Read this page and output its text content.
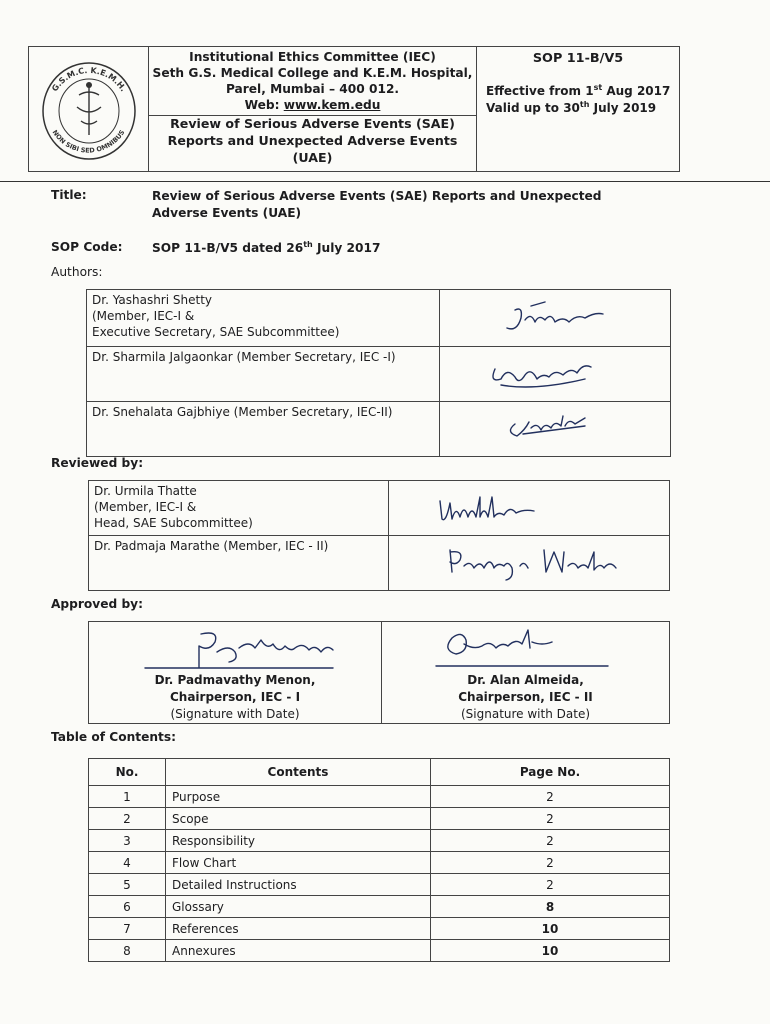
G.S.M.C. K.E.M.H.
NON SIBI SED OMNIBUS
Institutional Ethics Committee (IEC)
Seth G.S. Medical College and K.E.M. Hospital,
Parel, Mumbai – 400 012.
Web: www.kem.edu
Review of Serious Adverse Events (SAE)
Reports and Unexpected Adverse Events
(UAE)
SOP 11-B/V5
Effective from 1st Aug 2017
Valid up to 30th July 2019
Title:	Review of Serious Adverse Events (SAE) Reports and Unexpected
Adverse Events (UAE)
SOP Code: SOP 11-B/V5 dated 26th July 2017
Authors:
Dr. Yashashri Shetty
(Member, IEC-I &
Executive Secretary, SAE Subcommittee)

Dr. Sharmila Jalgaonkar (Member Secretary, IEC -I)

Dr. Snehalata Gajbhiye (Member Secretary, IEC-II)

Reviewed by:
Dr. Urmila Thatte
(Member, IEC-I &
Head, SAE Subcommittee)

Dr. Padmaja Marathe (Member, IEC - II)

Approved by:
Dr. Padmavathy Menon,
Chairperson, IEC - I
(Signature with Date)

Dr. Alan Almeida,
Chairperson, IEC - II
(Signature with Date)
Table of Contents:
No.	Contents	Page No.
1	Purpose	2
2	Scope	2
3	Responsibility	2
4	Flow Chart	2
5	Detailed Instructions	2
6	Glossary	8
7	References	10
8	Annexures	10
